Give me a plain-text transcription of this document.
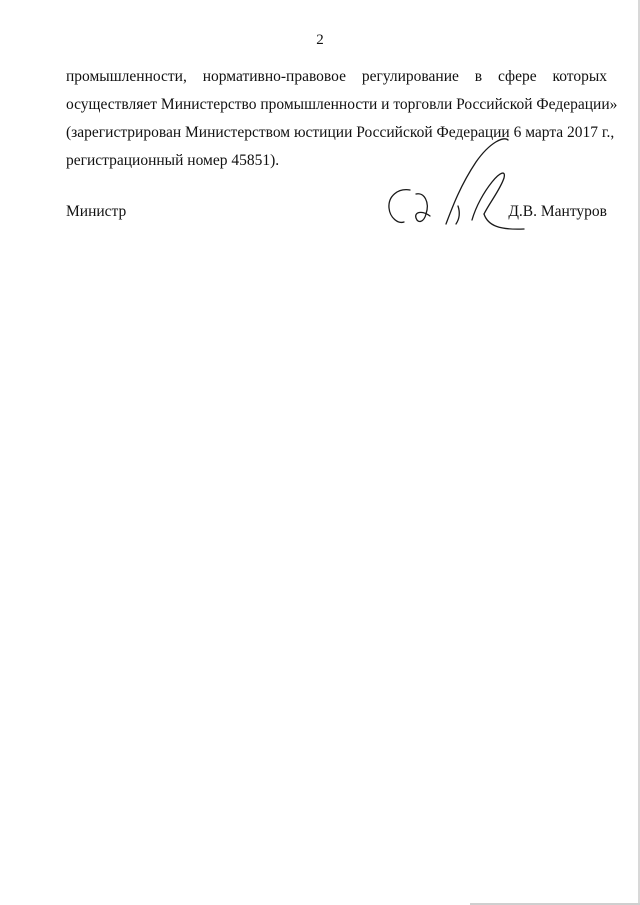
2
промышленности, нормативно-правовое регулирование в сфере которых
осуществляет Министерство промышленности и торговли Российской Федерации»
(зарегистрирован Министерством юстиции Российской Федерации 6 марта 2017 г.,
регистрационный номер 45851).
Министр	Д.В. Мантуров
